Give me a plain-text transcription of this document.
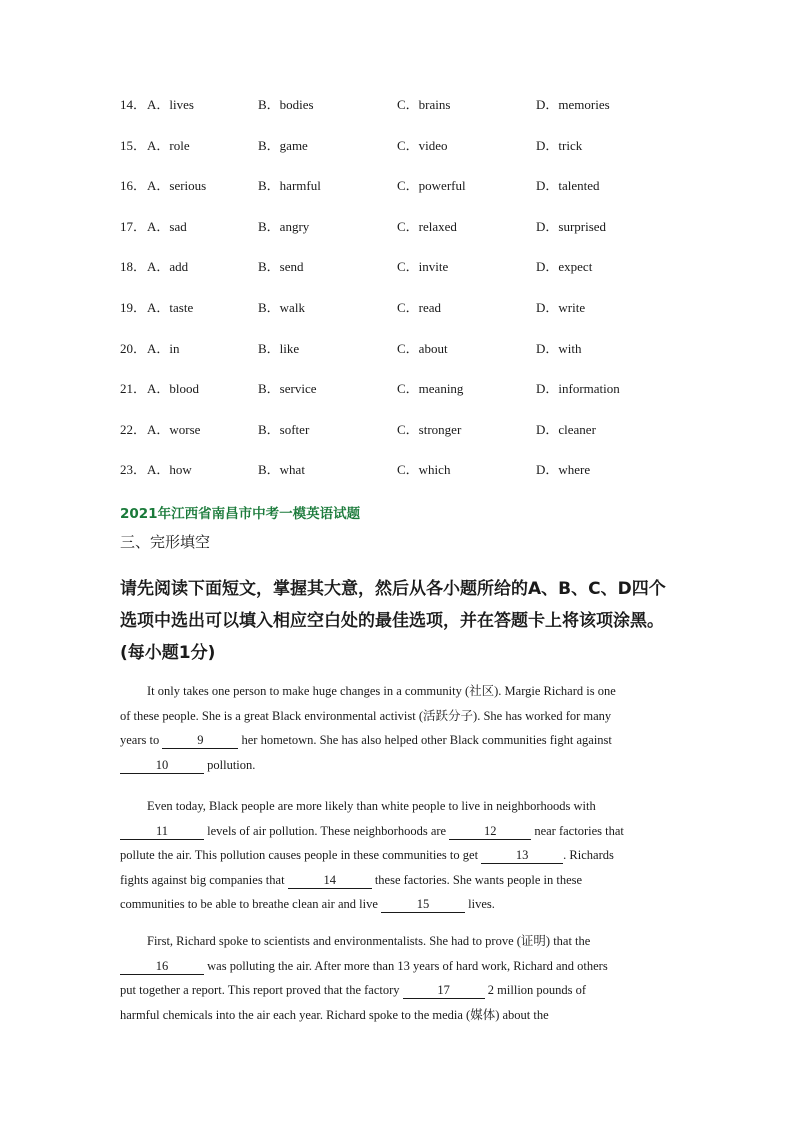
14． A．lives	B．bodies	C．brains	D．memories
15． A．role	B．game	C．video	D．trick
16． A．serious	B．harmful	C．powerful	D．talented
17． A．sad	B．angry	C．relaxed	D．surprised
18． A．add	B．send	C．invite	D．expect
19． A．taste	B．walk	C．read	D．write
20． A．in	B．like	C．about	D．with
21． A．blood	B．service	C．meaning	D．information
22． A．worse	B．softer	C．stronger	D．cleaner
23． A．how	B．what	C．which	D．where
2021年江西省南昌市中考一模英语试题
三、完形填空
请先阅读下面短文，掌握其大意，然后从各小题所给的A、B、C、D四个选项中选出可以填入相应空白处的最佳选项，并在答题卡上将该项涂黑。(每小题1分)
It only takes one person to make huge changes in a community (社区). Margie Richard is one
of these people. She is a great Black environmental activist (活跃分子). She has worked for many
years to	9	her hometown. She has also helped other Black communities fight against
10	pollution.
Even today, Black people are more likely than white people to live in neighborhoods with
11	levels of air pollution. These neighborhoods are	12	near factories that
pollute the air. This pollution causes people in these communities to get	13	. Richards
fights against big companies that	14	these factories. She wants people in these
communities to be able to breathe clean air and live	15	lives.
First, Richard spoke to scientists and environmentalists. She had to prove (证明) that the
16	was polluting the air. After more than 13 years of hard work, Richard and others
put together a report. This report proved that the factory	17	2 million pounds of
harmful chemicals into the air each year. Richard spoke to the media (媒体) about the
